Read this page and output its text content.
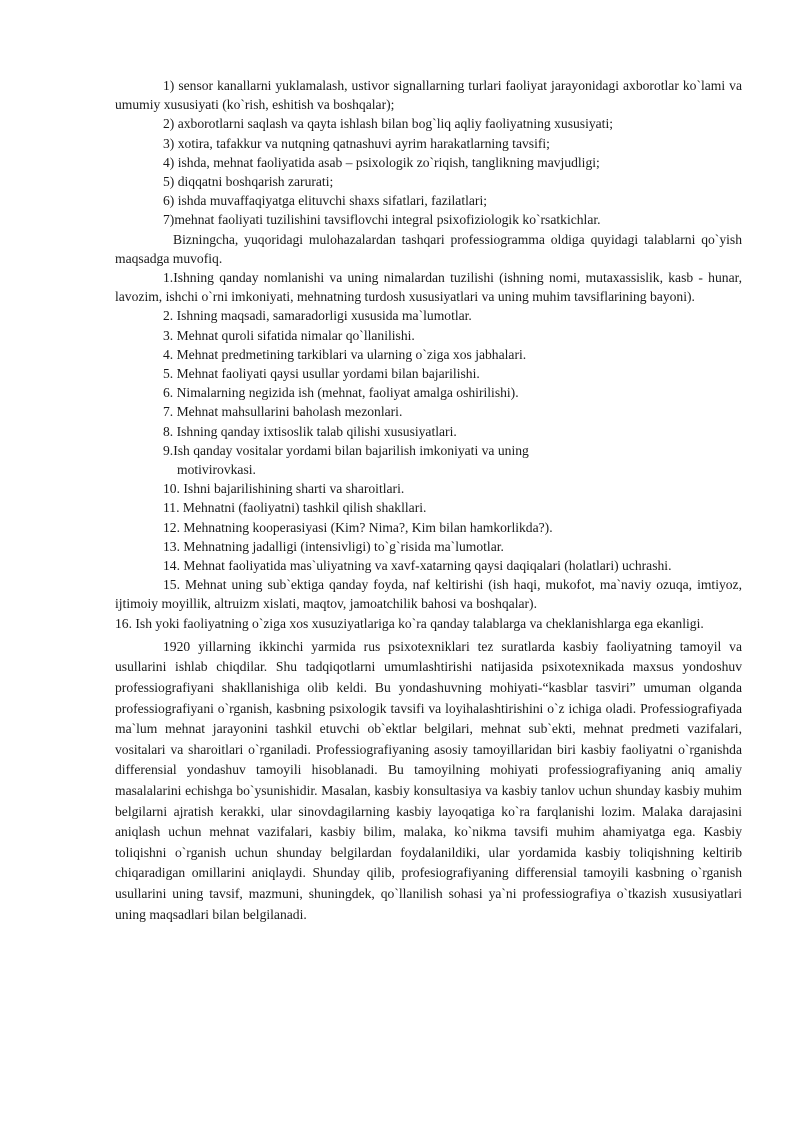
1) sensor kanallarni yuklamalash, ustivor signallarning turlari faoliyat jarayonidagi axborotlar ko`lami va umumiy xususiyati (ko`rish, eshitish va boshqalar);

2) axborotlarni saqlash va qayta ishlash bilan bog`liq aqliy faoliyatning xususiyati;

3) xotira, tafakkur va nutqning qatnashuvi ayrim harakatlarning tavsifi;

4) ishda, mehnat faoliyatida asab – psixologik zo`riqish, tanglikning mavjudligi;

5) diqqatni boshqarish zarurati;

6) ishda muvaffaqiyatga elituvchi shaxs sifatlari, fazilatlari;

7)mehnat faoliyati tuzilishini tavsiflovchi integral psixofiziologik ko`rsatkichlar.

Bizningcha, yuqoridagi mulohazalardan tashqari professiogramma oldiga quyidagi talablarni qo`yish maqsadga muvofiq.

1.Ishning qanday nomlanishi va uning nimalardan tuzilishi (ishning nomi, mutaxassislik, kasb - hunar, lavozim, ishchi o`rni imkoniyati, mehnatning turdosh xususiyatlari va uning muhim tavsiflarining bayoni).

2. Ishning maqsadi, samaradorligi xususida ma`lumotlar.

3. Mehnat quroli sifatida nimalar qo`llanilishi.

4. Mehnat predmetining tarkiblari va ularning o`ziga xos jabhalari.

5. Mehnat faoliyati qaysi usullar yordami bilan bajarilishi.

6. Nimalarning negizida ish (mehnat, faoliyat amalga oshirilishi).

7. Mehnat mahsullarini baholash mezonlari.

8. Ishning qanday ixtisoslik talab qilishi xususiyatlari.

9.Ish qanday vositalar yordami bilan bajarilish imkoniyati va uning

motivirovkasi.

10. Ishni bajarilishining sharti va sharoitlari.

11. Mehnatni (faoliyatni) tashkil qilish shakllari.

12. Mehnatning kooperasiyasi (Kim? Nima?, Kim bilan hamkorlikda?).

13. Mehnatning jadalligi (intensivligi) to`g`risida ma`lumotlar.

14. Mehnat faoliyatida mas`uliyatning va xavf-xatarning qaysi daqiqalari (holatlari) uchrashi.

15. Mehnat uning sub`ektiga qanday foyda, naf keltirishi (ish haqi, mukofot, ma`naviy ozuqa, imtiyoz, ijtimoiy moyillik, altruizm xislati, maqtov, jamoatchilik bahosi va boshqalar).

16. Ish yoki faoliyatning o`ziga xos xusuziyatlariga ko`ra qanday talablarga va cheklanishlarga ega ekanligi.

1920 yillarning ikkinchi yarmida rus psixotexniklari tez suratlarda kasbiy faoliyatning tamoyil va usullarini ishlab chiqdilar. Shu tadqiqotlarni umumlashtirishi natijasida psixotexnikada maxsus yondoshuv professiografiyani shakllanishiga olib keldi. Bu yondashuvning mohiyati-“kasblar tasviri” umuman olganda professiografiyani o`rganish, kasbning psixologik tavsifi va loyihalashtirishini o`z ichiga oladi. Professiografiyada ma`lum mehnat jarayonini tashkil etuvchi ob`ektlar belgilari, mehnat sub`ekti, mehnat predmeti vazifalari, vositalari va sharoitlari o`rganiladi. Professiografiyaning asosiy tamoyillaridan biri kasbiy faoliyatni o`rganishda differensial yondashuv tamoyili hisoblanadi. Bu tamoyilning mohiyati professiografiyaning aniq amaliy masalalarini echishga bo`ysunishidir. Masalan, kasbiy konsultasiya va kasbiy tanlov uchun shunday kasbiy muhim belgilarni ajratish kerakki, ular sinovdagilarning kasbiy layoqatiga ko`ra farqlanishi lozim. Malaka darajasini aniqlash uchun mehnat vazifalari, kasbiy bilim, malaka, ko`nikma tavsifi muhim ahamiyatga ega. Kasbiy toliqishni o`rganish uchun shunday belgilardan foydalanildiki, ular yordamida kasbiy toliqishning keltirib chiqaradigan omillarini aniqlaydi. Shunday qilib, profesiografiyaning differensial tamoyili kasbning o`rganish usullarini uning tavsif, mazmuni, shuningdek, qo`llanilish sohasi ya`ni professiografiya o`tkazish xususiyatlari uning maqsadlari bilan belgilanadi.
